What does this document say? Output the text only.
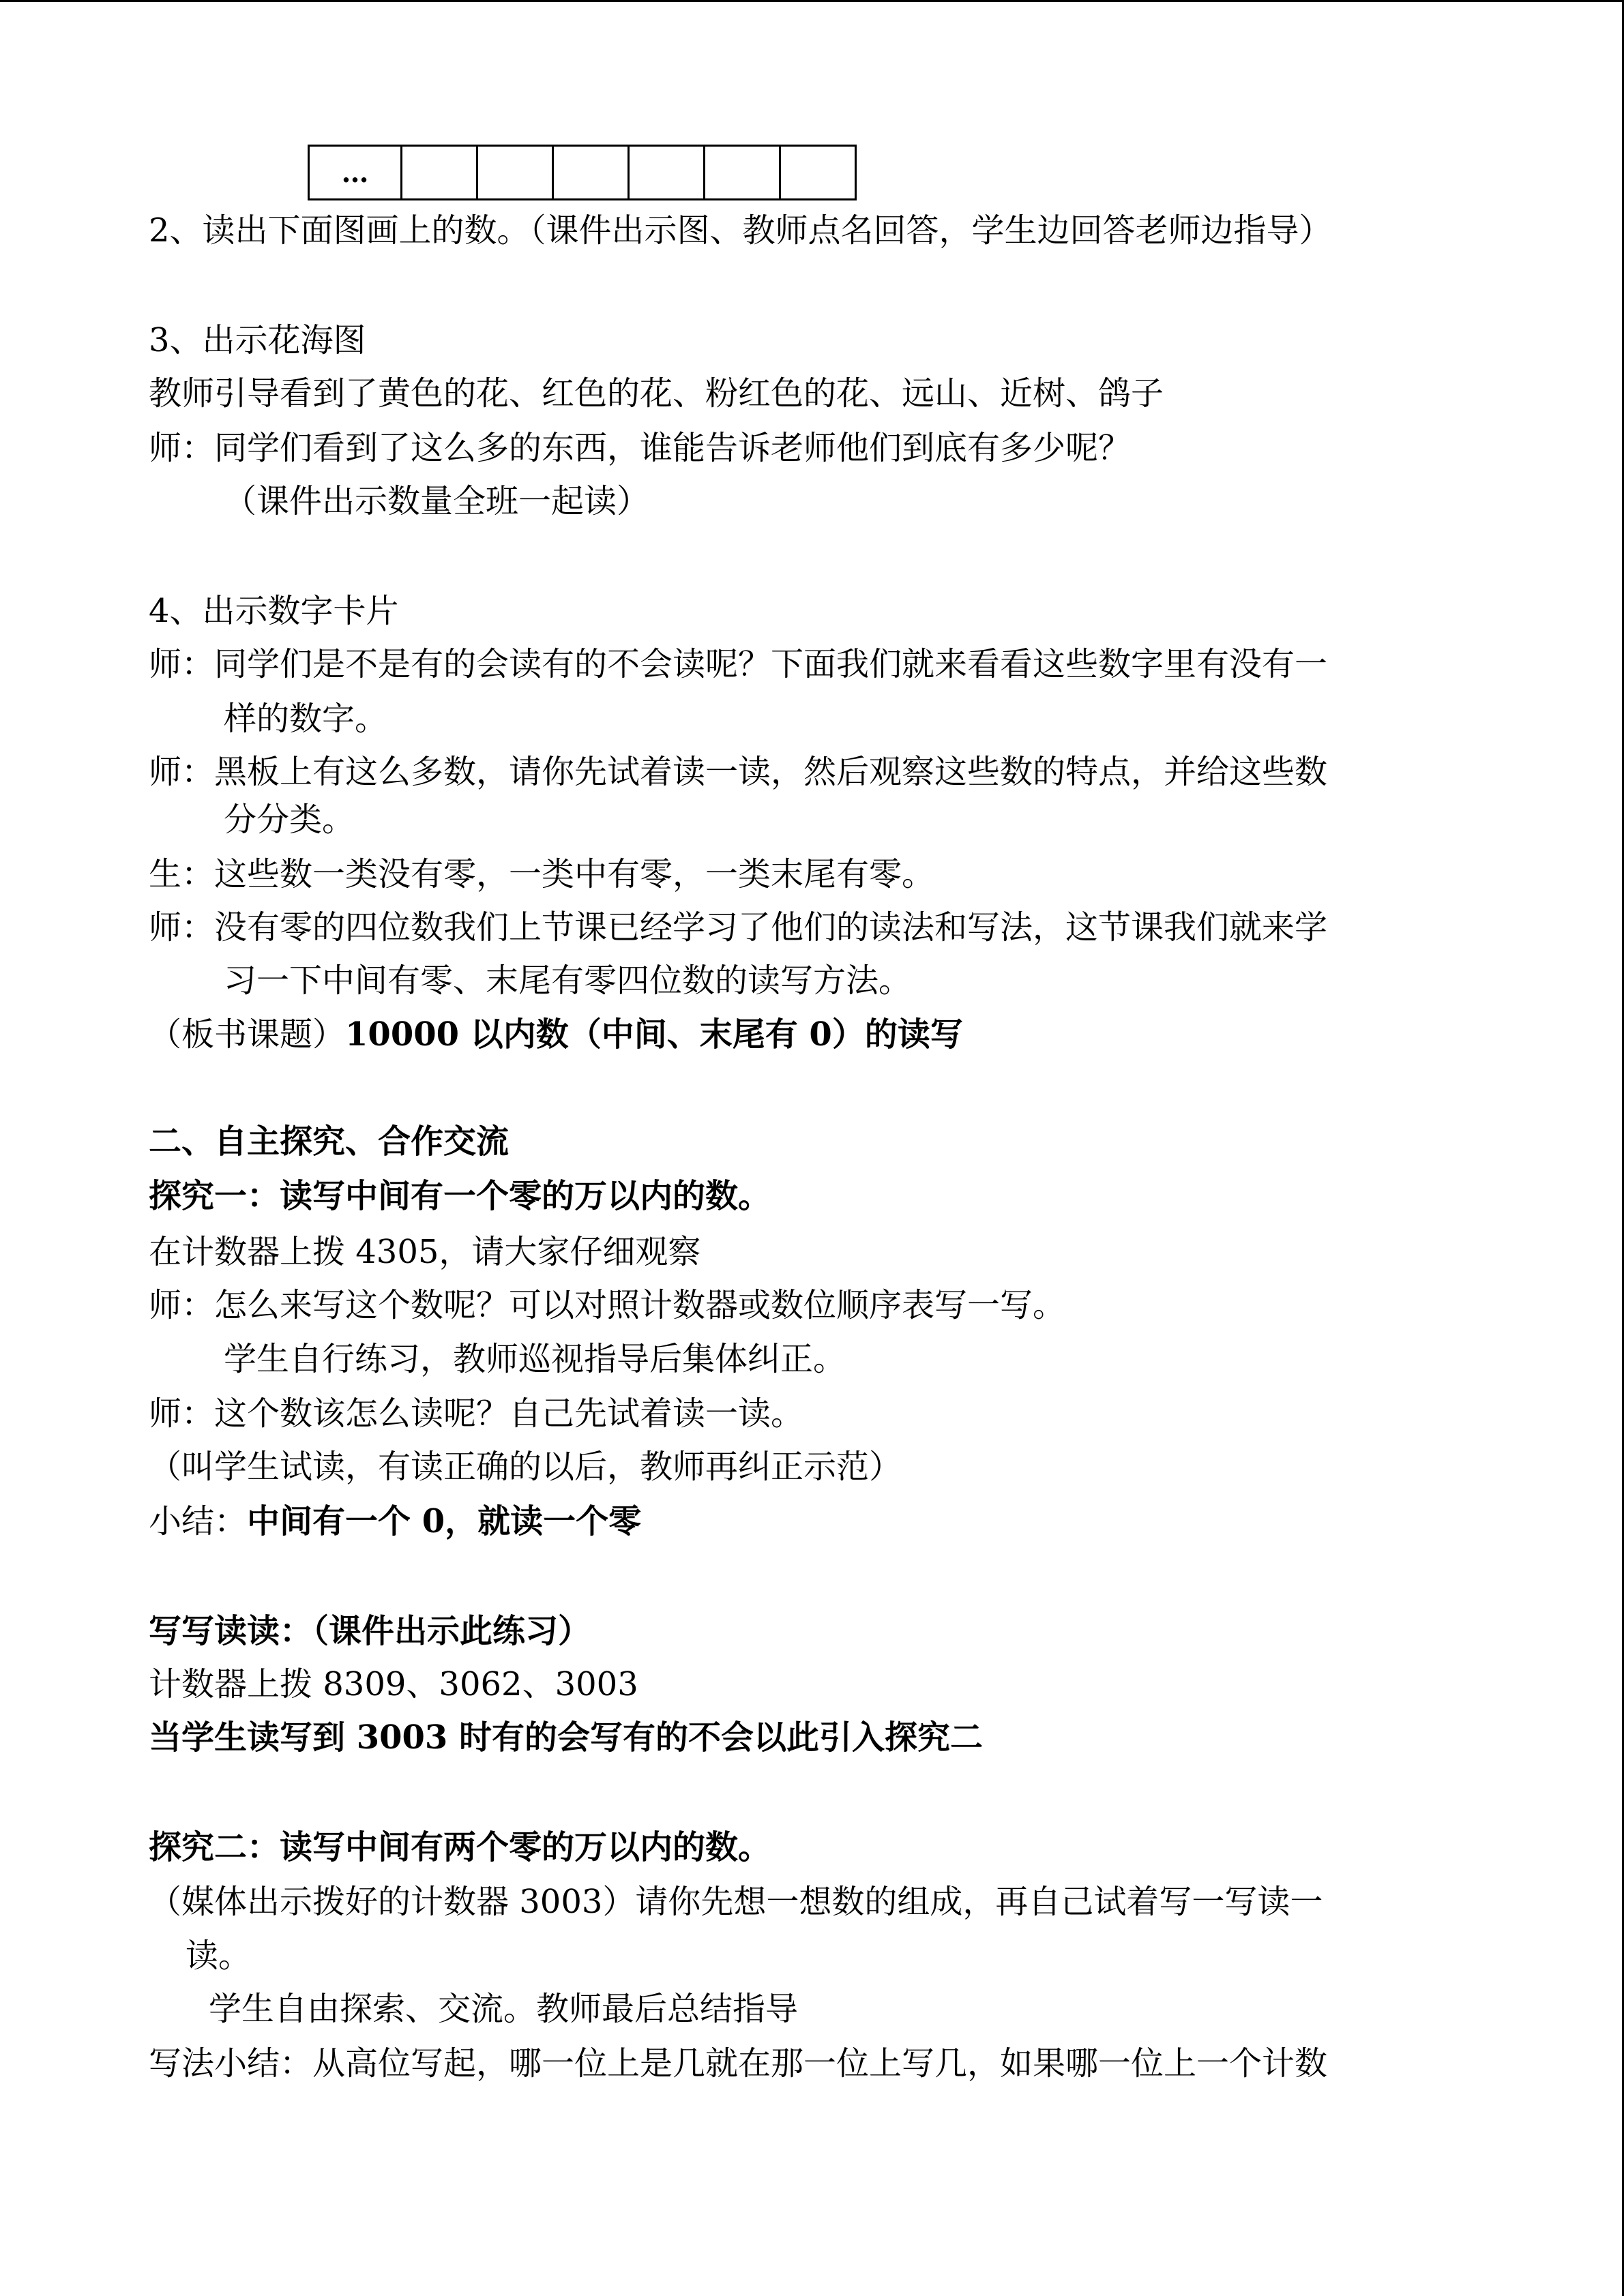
…						
2、读出下面图画上的数。（课件出示图、教师点名回答，学生边回答老师边指导）
3、出示花海图
教师引导看到了黄色的花、红色的花、粉红色的花、远山、近树、鸽子
师：同学们看到了这么多的东西，谁能告诉老师他们到底有多少呢？
（课件出示数量全班一起读）
4、出示数字卡片
师：同学们是不是有的会读有的不会读呢？下面我们就来看看这些数字里有没有一
样的数字。
师：黑板上有这么多数，请你先试着读一读，然后观察这些数的特点，并给这些数
分分类。
生：这些数一类没有零，一类中有零，一类末尾有零。
师：没有零的四位数我们上节课已经学习了他们的读法和写法，这节课我们就来学
习一下中间有零、末尾有零四位数的读写方法。
（板书课题）10000 以内数（中间、末尾有 0）的读写
二、自主探究、合作交流
探究一：读写中间有一个零的万以内的数。
在计数器上拨 4305，请大家仔细观察
师：怎么来写这个数呢？可以对照计数器或数位顺序表写一写。
学生自行练习，教师巡视指导后集体纠正。
师：这个数该怎么读呢？自己先试着读一读。
（叫学生试读，有读正确的以后，教师再纠正示范）
小结：中间有一个 0，就读一个零
写写读读：（课件出示此练习）
计数器上拨 8309、3062、3003
当学生读写到 3003 时有的会写有的不会以此引入探究二
探究二：读写中间有两个零的万以内的数。
（媒体出示拨好的计数器 3003）请你先想一想数的组成，再自己试着写一写读一
读。
学生自由探索、交流。教师最后总结指导
写法小结：从高位写起，哪一位上是几就在那一位上写几，如果哪一位上一个计数
